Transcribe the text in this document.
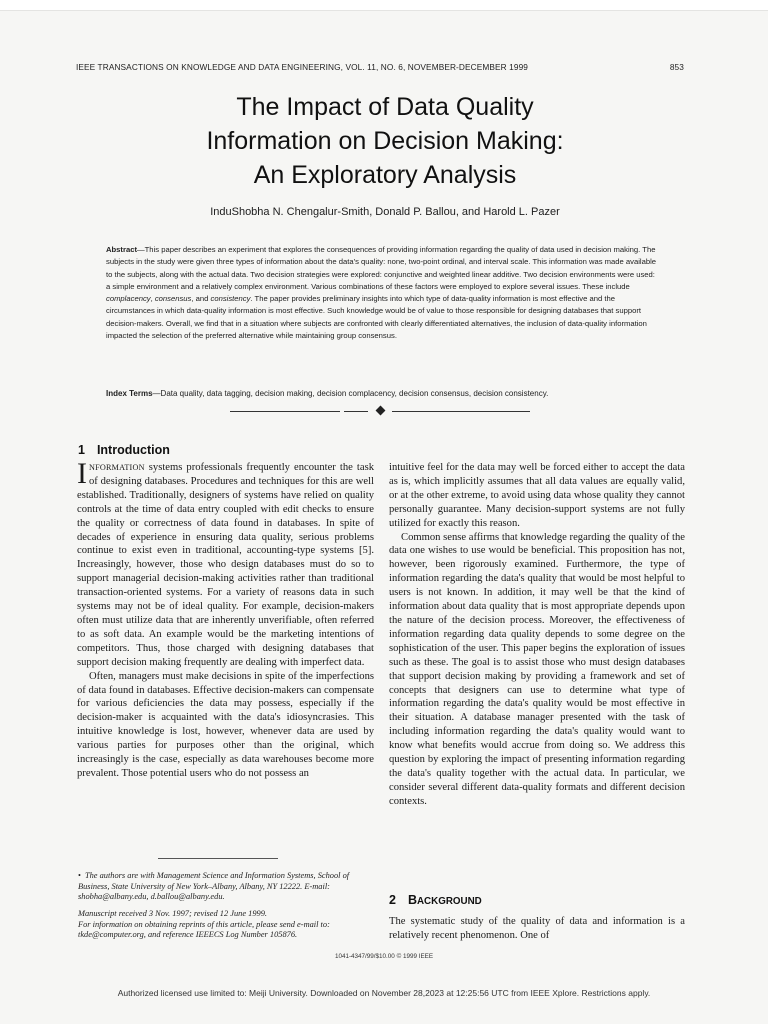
IEEE TRANSACTIONS ON KNOWLEDGE AND DATA ENGINEERING, VOL. 11, NO. 6, NOVEMBER-DECEMBER 1999	853
The Impact of Data Quality
Information on Decision Making:
An Exploratory Analysis
InduShobha N. Chengalur-Smith, Donald P. Ballou, and Harold L. Pazer
Abstract—This paper describes an experiment that explores the consequences of providing information regarding the quality of data used in decision making. The subjects in the study were given three types of information about the data's quality: none, two-point ordinal, and interval scale. This information was made available to the subjects, along with the actual data. Two decision strategies were explored: conjunctive and weighted linear additive. Two decision environments were used: a simple environment and a relatively complex environment. Various combinations of these factors were employed to explore several issues. These include complacency, consensus, and consistency. The paper provides preliminary insights into which type of data-quality information is most effective and the circumstances in which data-quality information is most effective. Such knowledge would be of value to those responsible for designing databases that support decision-makers. Overall, we find that in a situation where subjects are confronted with clearly differentiated alternatives, the inclusion of data-quality information impacted the selection of the preferred alternative while maintaining group consensus.
Index Terms—Data quality, data tagging, decision making, decision complacency, decision consensus, decision consistency.
1 Introduction

INFORMATION systems professionals frequently encounter the task of designing databases. Procedures and techniques for this are well established. Traditionally, designers of systems have relied on quality controls at the time of data entry coupled with edit checks to ensure the quality or correctness of data found in databases. In spite of decades of experience in ensuring data quality, serious problems continue to exist even in traditional, accounting-type systems [5]. Increasingly, however, those who design databases must do so to support managerial decision-making activities rather than traditional transaction-oriented systems. For a variety of reasons data in such systems may not be of ideal quality. For example, decision-makers often must utilize data that are inherently unverifiable, often referred to as soft data. An example would be the marketing intentions of competitors. Thus, those charged with designing databases that support decision making frequently are dealing with imperfect data.

Often, managers must make decisions in spite of the imperfections of data found in databases. Effective decision-makers can compensate for various deficiencies the data may possess, especially if the decision-maker is acquainted with the data's idiosyncrasies. This intuitive knowledge is lost, however, whenever data are used by various parties for purposes other than the original, which increasingly is the case, especially as data warehouses become more prevalent. Those potential users who do not possess an

intuitive feel for the data may well be forced either to accept the data as is, which implicitly assumes that all data values are equally valid, or at the other extreme, to avoid using data whose quality they cannot personally guarantee. Many decision-support systems are not fully utilized for exactly this reason.

Common sense affirms that knowledge regarding the quality of the data one wishes to use would be beneficial. This proposition has not, however, been rigorously examined. Furthermore, the type of information regarding the data's quality that would be most helpful to users is not known. In addition, it may well be that the kind of information about data quality that is most appropriate depends upon the nature of the decision process. Moreover, the effectiveness of information regarding data quality depends to some degree on the sophistication of the user. This paper begins the exploration of issues such as these. The goal is to assist those who must design databases that support decision making by providing a framework and set of concepts that designers can use to determine what type of information regarding the data's quality would be most effective in their situation. A database manager presented with the task of including information regarding the data's quality would want to know what benefits would accrue from doing so. We address this question by exploring the impact of presenting information regarding the data's quality together with the actual data. In particular, we consider several different data-quality formats and different decision contexts.

• The authors are with Management Science and Information Systems, School of Business, State University of New York–Albany, Albany, NY 12222. E-mail: shobha@albany.edu, d.ballou@albany.edu.
Manuscript received 3 Nov. 1997; revised 12 June 1999.
For information on obtaining reprints of this article, please send e-mail to: tkde@computer.org, and reference IEEECS Log Number 105876.
2 BACKGROUND
The systematic study of the quality of data and information is a relatively recent phenomenon. One of
1041-4347/99/$10.00 © 1999 IEEE
Authorized licensed use limited to: Meiji University. Downloaded on November 28,2023 at 12:25:56 UTC from IEEE Xplore. Restrictions apply.
